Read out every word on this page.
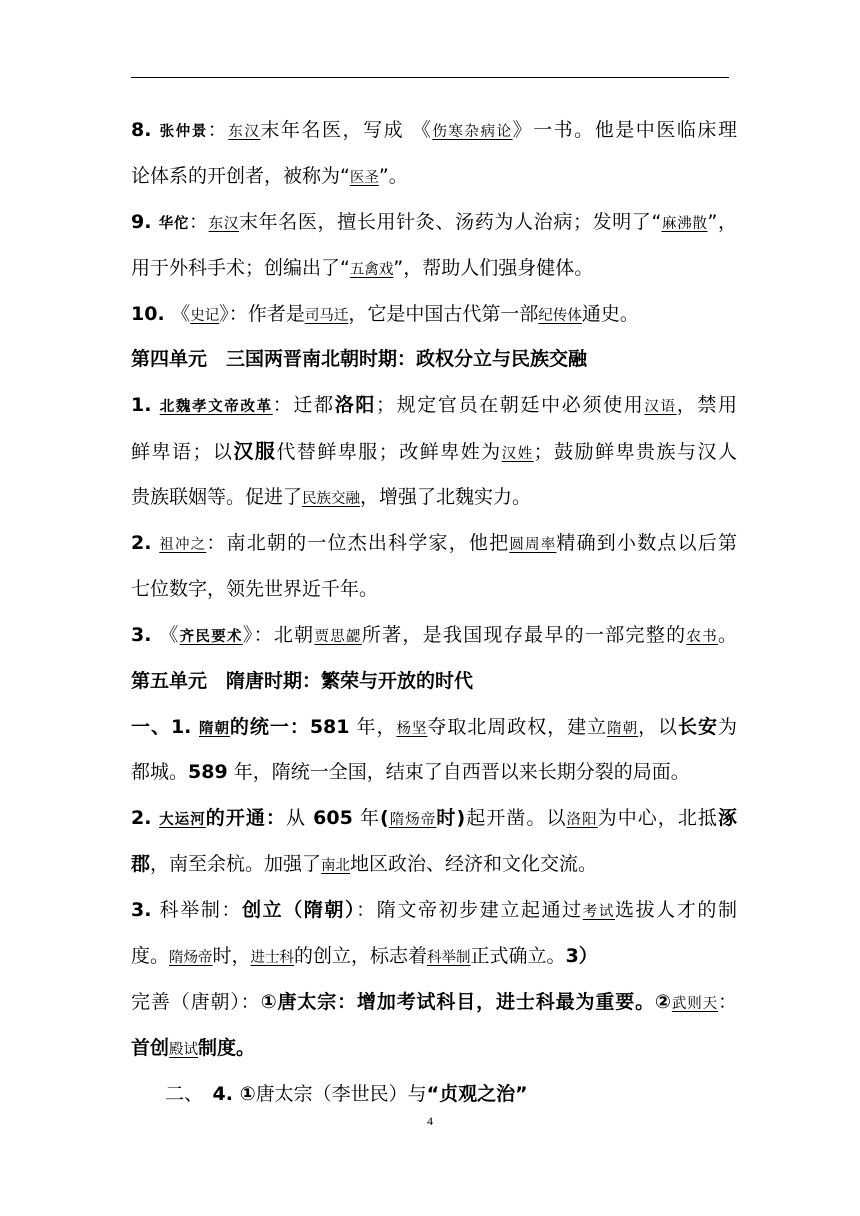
8. 张仲景：东汉末年名医，写成 《伤寒杂病论》一书。他是中医临床理
论体系的开创者，被称为“医圣”。
9. 华佗：东汉末年名医，擅长用针灸、汤药为人治病；发明了“麻沸散”，
用于外科手术；创编出了“五禽戏”，帮助人们强身健体。
10. 《史记》：作者是司马迁，它是中国古代第一部纪传体通史。
第四单元　三国两晋南北朝时期：政权分立与民族交融
1. 北魏孝文帝改革：迁都洛阳；规定官员在朝廷中必须使用汉语，禁用
鲜卑语；以汉服代替鲜卑服；改鲜卑姓为汉姓；鼓励鲜卑贵族与汉人
贵族联姻等。促进了民族交融，增强了北魏实力。
2. 祖冲之：南北朝的一位杰出科学家，他把圆周率精确到小数点以后第
七位数字，领先世界近千年。
3. 《齐民要术》：北朝贾思勰所著，是我国现存最早的一部完整的农书。
第五单元　隋唐时期：繁荣与开放的时代
一、1. 隋朝的统一：581 年，杨坚夺取北周政权，建立隋朝，以长安为
都城。589 年，隋统一全国，结束了自西晋以来长期分裂的局面。
2. 大运河的开通：从 605 年(隋炀帝时)起开凿。以洛阳为中心，北抵涿
郡，南至余杭。加强了南北地区政治、经济和文化交流。
3. 科举制：创立（隋朝）：隋文帝初步建立起通过考试选拔人才的制
度。隋炀帝时，进士科的创立，标志着科举制正式确立。3）
完善（唐朝）：①唐太宗：增加考试科目，进士科最为重要。②武则天：
首创殿试制度。
二、　4. ①唐太宗（李世民）与“贞观之治”
4
